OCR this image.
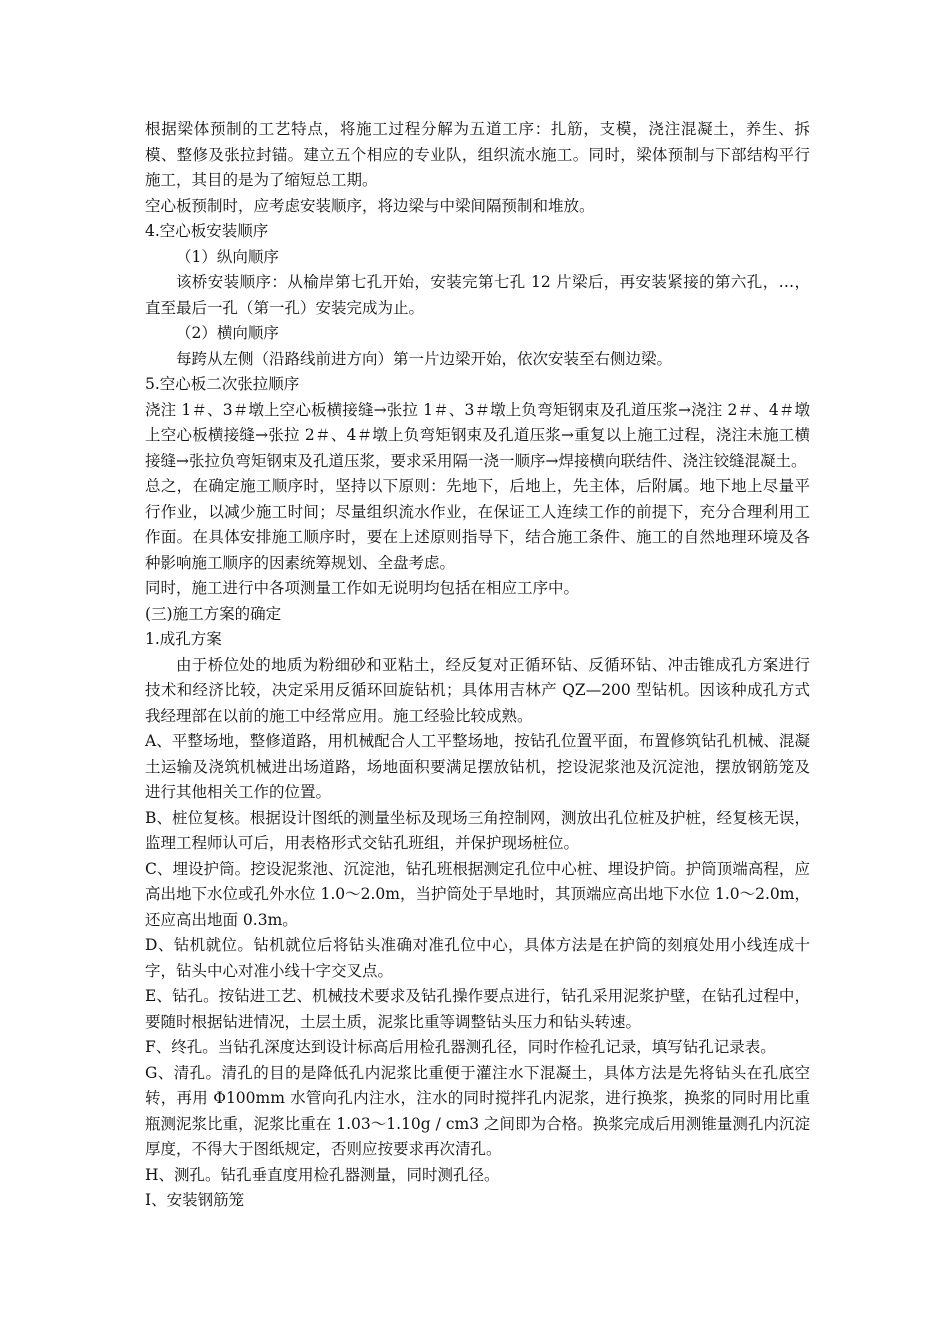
根据梁体预制的工艺特点，将施工过程分解为五道工序：扎筋，支模，浇注混凝土，养生、拆模、整修及张拉封锚。建立五个相应的专业队，组织流水施工。同时，梁体预制与下部结构平行施工，其目的是为了缩短总工期。

空心板预制时，应考虑安装顺序，将边梁与中梁间隔预制和堆放。

4.空心板安装顺序

（1）纵向顺序

该桥安装顺序：从榆岸第七孔开始，安装完第七孔 12 片梁后，再安装紧接的第六孔，…，直至最后一孔（第一孔）安装完成为止。

（2）横向顺序

每跨从左侧（沿路线前进方向）第一片边梁开始，依次安装至右侧边梁。

5.空心板二次张拉顺序

浇注 1＃、3＃墩上空心板横接缝→张拉 1＃、3＃墩上负弯矩钢束及孔道压浆→浇注 2＃、4＃墩上空心板横接缝→张拉 2＃、4＃墩上负弯矩钢束及孔道压浆→重复以上施工过程，浇注未施工横接缝→张拉负弯矩钢束及孔道压浆，要求采用隔一浇一顺序→焊接横向联结件、浇注铰缝混凝土。

总之，在确定施工顺序时，坚持以下原则：先地下，后地上，先主体，后附属。地下地上尽量平行作业，以减少施工时间；尽量组织流水作业，在保证工人连续工作的前提下，充分合理利用工作面。在具体安排施工顺序时，要在上述原则指导下，结合施工条件、施工的自然地理环境及各种影响施工顺序的因素统筹规划、全盘考虑。

同时，施工进行中各项测量工作如无说明均包括在相应工序中。

(三)施工方案的确定

1.成孔方案

由于桥位处的地质为粉细砂和亚粘土，经反复对正循环钻、反循环钻、冲击锥成孔方案进行技术和经济比较，决定采用反循环回旋钻机；具体用吉林产 QZ—200 型钻机。因该种成孔方式我经理部在以前的施工中经常应用。施工经验比较成熟。

A、平整场地，整修道路，用机械配合人工平整场地，按钻孔位置平面，布置修筑钻孔机械、混凝土运输及浇筑机械进出场道路，场地面积要满足摆放钻机，挖设泥浆池及沉淀池，摆放钢筋笼及进行其他相关工作的位置。

B、桩位复核。根据设计图纸的测量坐标及现场三角控制网，测放出孔位桩及护桩，经复核无误，监理工程师认可后，用表格形式交钻孔班组，并保护现场桩位。

C、埋设护筒。挖设泥浆池、沉淀池，钻孔班根据测定孔位中心桩、埋设护筒。护筒顶端高程，应高出地下水位或孔外水位 1.0～2.0m，当护筒处于旱地时，其顶端应高出地下水位 1.0～2.0m，还应高出地面 0.3m。

D、钻机就位。钻机就位后将钻头准确对准孔位中心，具体方法是在护筒的刻痕处用小线连成十字，钻头中心对准小线十字交叉点。

E、钻孔。按钻进工艺、机械技术要求及钻孔操作要点进行，钻孔采用泥浆护壁，在钻孔过程中，要随时根据钻进情况，土层土质，泥浆比重等调整钻头压力和钻头转速。

F、终孔。当钻孔深度达到设计标高后用检孔器测孔径，同时作检孔记录，填写钻孔记录表。

G、清孔。清孔的目的是降低孔内泥浆比重便于灌注水下混凝土，具体方法是先将钻头在孔底空转，再用 Φ100mm 水管向孔内注水，注水的同时搅拌孔内泥浆，进行换浆，换浆的同时用比重瓶测泥浆比重，泥浆比重在 1.03～1.10g / cm3 之间即为合格。换浆完成后用测锥量测孔内沉淀厚度，不得大于图纸规定，否则应按要求再次清孔。

H、测孔。钻孔垂直度用检孔器测量，同时测孔径。

I、安装钢筋笼
